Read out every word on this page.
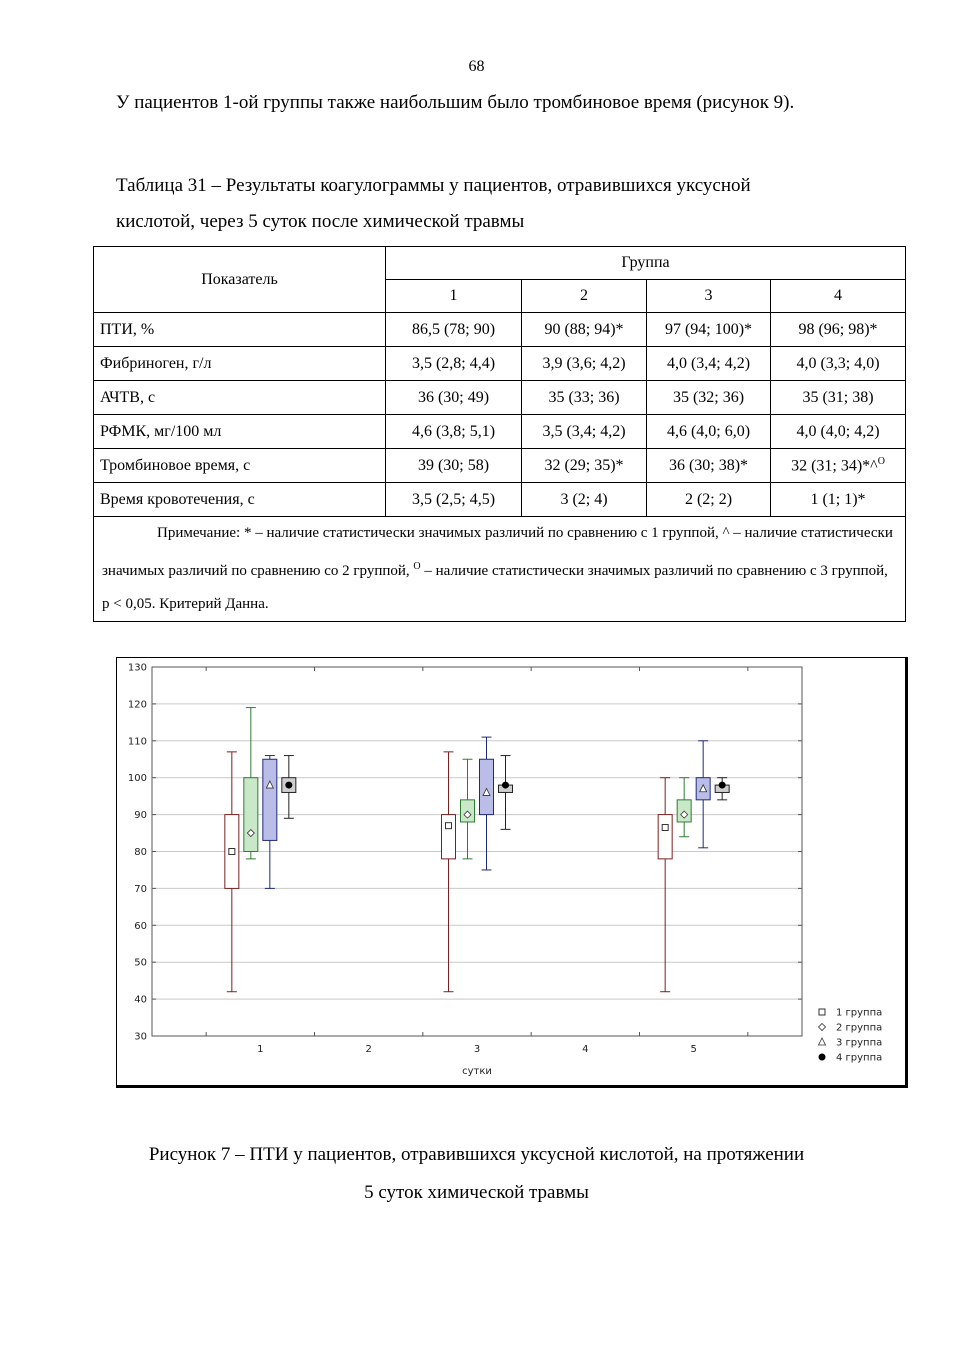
68
У пациентов 1-ой группы также наибольшим было тромбиновое время (рисунок 9).
Таблица 31 – Результаты коагулограммы у пациентов, отравившихся уксусной
кислотой, через 5 суток после химической травмы
Показатель	Группа			
	1	2	3	4
ПТИ, %	86,5 (78; 90)	90 (88; 94)*	97 (94; 100)*	98 (96; 98)*
Фибриноген, г/л	3,5 (2,8; 4,4)	3,9 (3,6; 4,2)	4,0 (3,4; 4,2)	4,0 (3,3; 4,0)
АЧТВ, с	36 (30; 49)	35 (33; 36)	35 (32; 36)	35 (31; 38)
РФМК, мг/100 мл	4,6 (3,8; 5,1)	3,5 (3,4; 4,2)	4,6 (4,0; 6,0)	4,0 (4,0; 4,2)
Тромбиновое время, с	39 (30; 58)	32 (29; 35)*	36 (30; 38)*	32 (31; 34)*^$^O$
Время кровотечения, с	3,5 (2,5; 4,5)	3 (2; 4)	2 (2; 2)	1 (1; 1)*
Примечание: * – наличие статистически значимых различий по сравнению с 1 группой, ^ – наличие статистически значимых различий по сравнению со 2 группой, $^O$ – наличие статистически значимых различий по сравнению с 3 группой, p < 0,05. Критерий Данна.				
30
40
50
60
70
80
90
100
110
120
130
1	2	3	4	5
сутки
1 группа
2 группа
3 группа
4 группа
Рисунок 7 – ПТИ у пациентов, отравившихся уксусной кислотой, на протяжении
5 суток химической травмы
